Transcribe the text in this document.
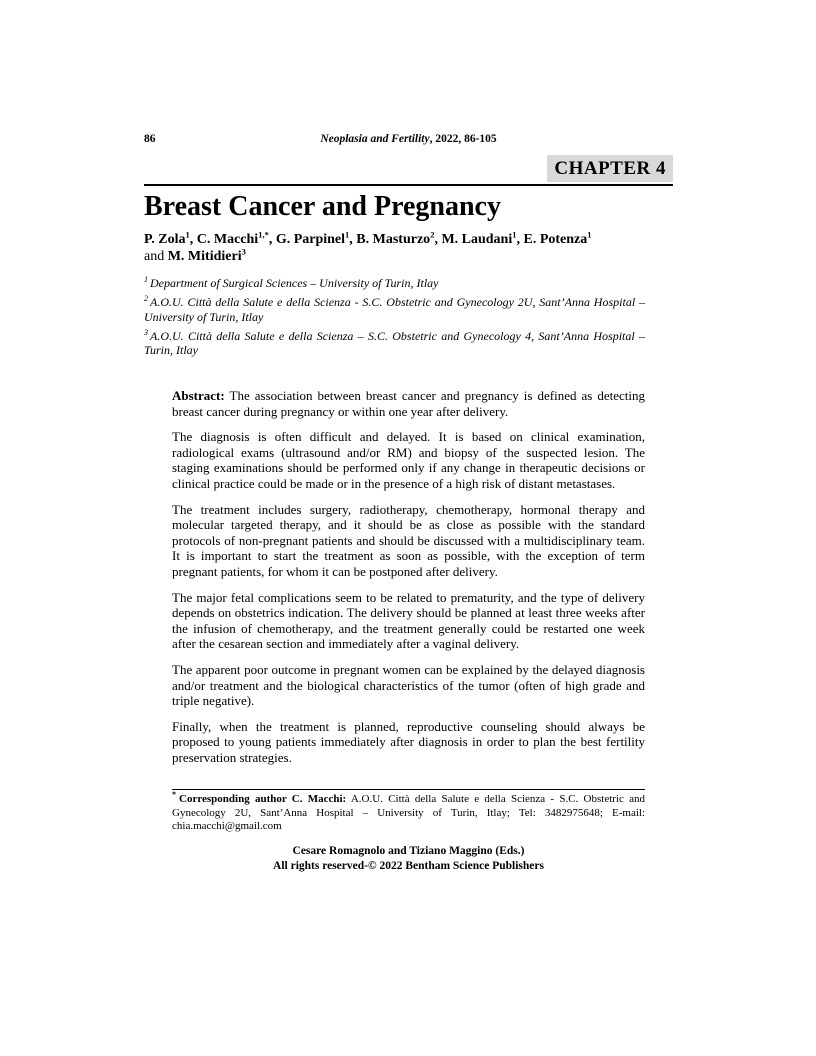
86	Neoplasia and Fertility, 2022, 86-105
CHAPTER 4
Breast Cancer and Pregnancy
P. Zola$^1$, C. Macchi$^{1,*}$, G. Parpinel$^1$, B. Masturzo$^2$, M. Laudani$^1$, E. Potenza$^1$
and M. Mitidieri$^3$

$^1$ Department of Surgical Sciences – University of Turin, Itlay

$^2$ A.O.U. Città della Salute e della Scienza - S.C. Obstetric and Gynecology 2U, Sant’Anna Hospital – University of Turin, Itlay

$^3$ A.O.U. Città della Salute e della Scienza – S.C. Obstetric and Gynecology 4, Sant’Anna Hospital – Turin, Itlay

Abstract: The association between breast cancer and pregnancy is defined as detecting breast cancer during pregnancy or within one year after delivery.

The diagnosis is often difficult and delayed. It is based on clinical examination, radiological exams (ultrasound and/or RM) and biopsy of the suspected lesion. The staging examinations should be performed only if any change in therapeutic decisions or clinical practice could be made or in the presence of a high risk of distant metastases.

The treatment includes surgery, radiotherapy, chemotherapy, hormonal therapy and molecular targeted therapy, and it should be as close as possible with the standard protocols of non-pregnant patients and should be discussed with a multidisciplinary team. It is important to start the treatment as soon as possible, with the exception of term pregnant patients, for whom it can be postponed after delivery.

The major fetal complications seem to be related to prematurity, and the type of delivery depends on obstetrics indication. The delivery should be planned at least three weeks after the infusion of chemotherapy, and the treatment generally could be restarted one week after the cesarean section and immediately after a vaginal delivery.

The apparent poor outcome in pregnant women can be explained by the delayed diagnosis and/or treatment and the biological characteristics of the tumor (often of high grade and triple negative).

Finally, when the treatment is planned, reproductive counseling should always be proposed to young patients immediately after diagnosis in order to plan the best fertility preservation strategies.

* Corresponding author C. Macchi: A.O.U. Città della Salute e della Scienza - S.C. Obstetric and Gynecology 2U, Sant’Anna Hospital – University of Turin, Itlay; Tel: 3482975648; E-mail: chia.macchi@gmail.com
Cesare Romagnolo and Tiziano Maggino (Eds.)
All rights reserved-© 2022 Bentham Science Publishers
